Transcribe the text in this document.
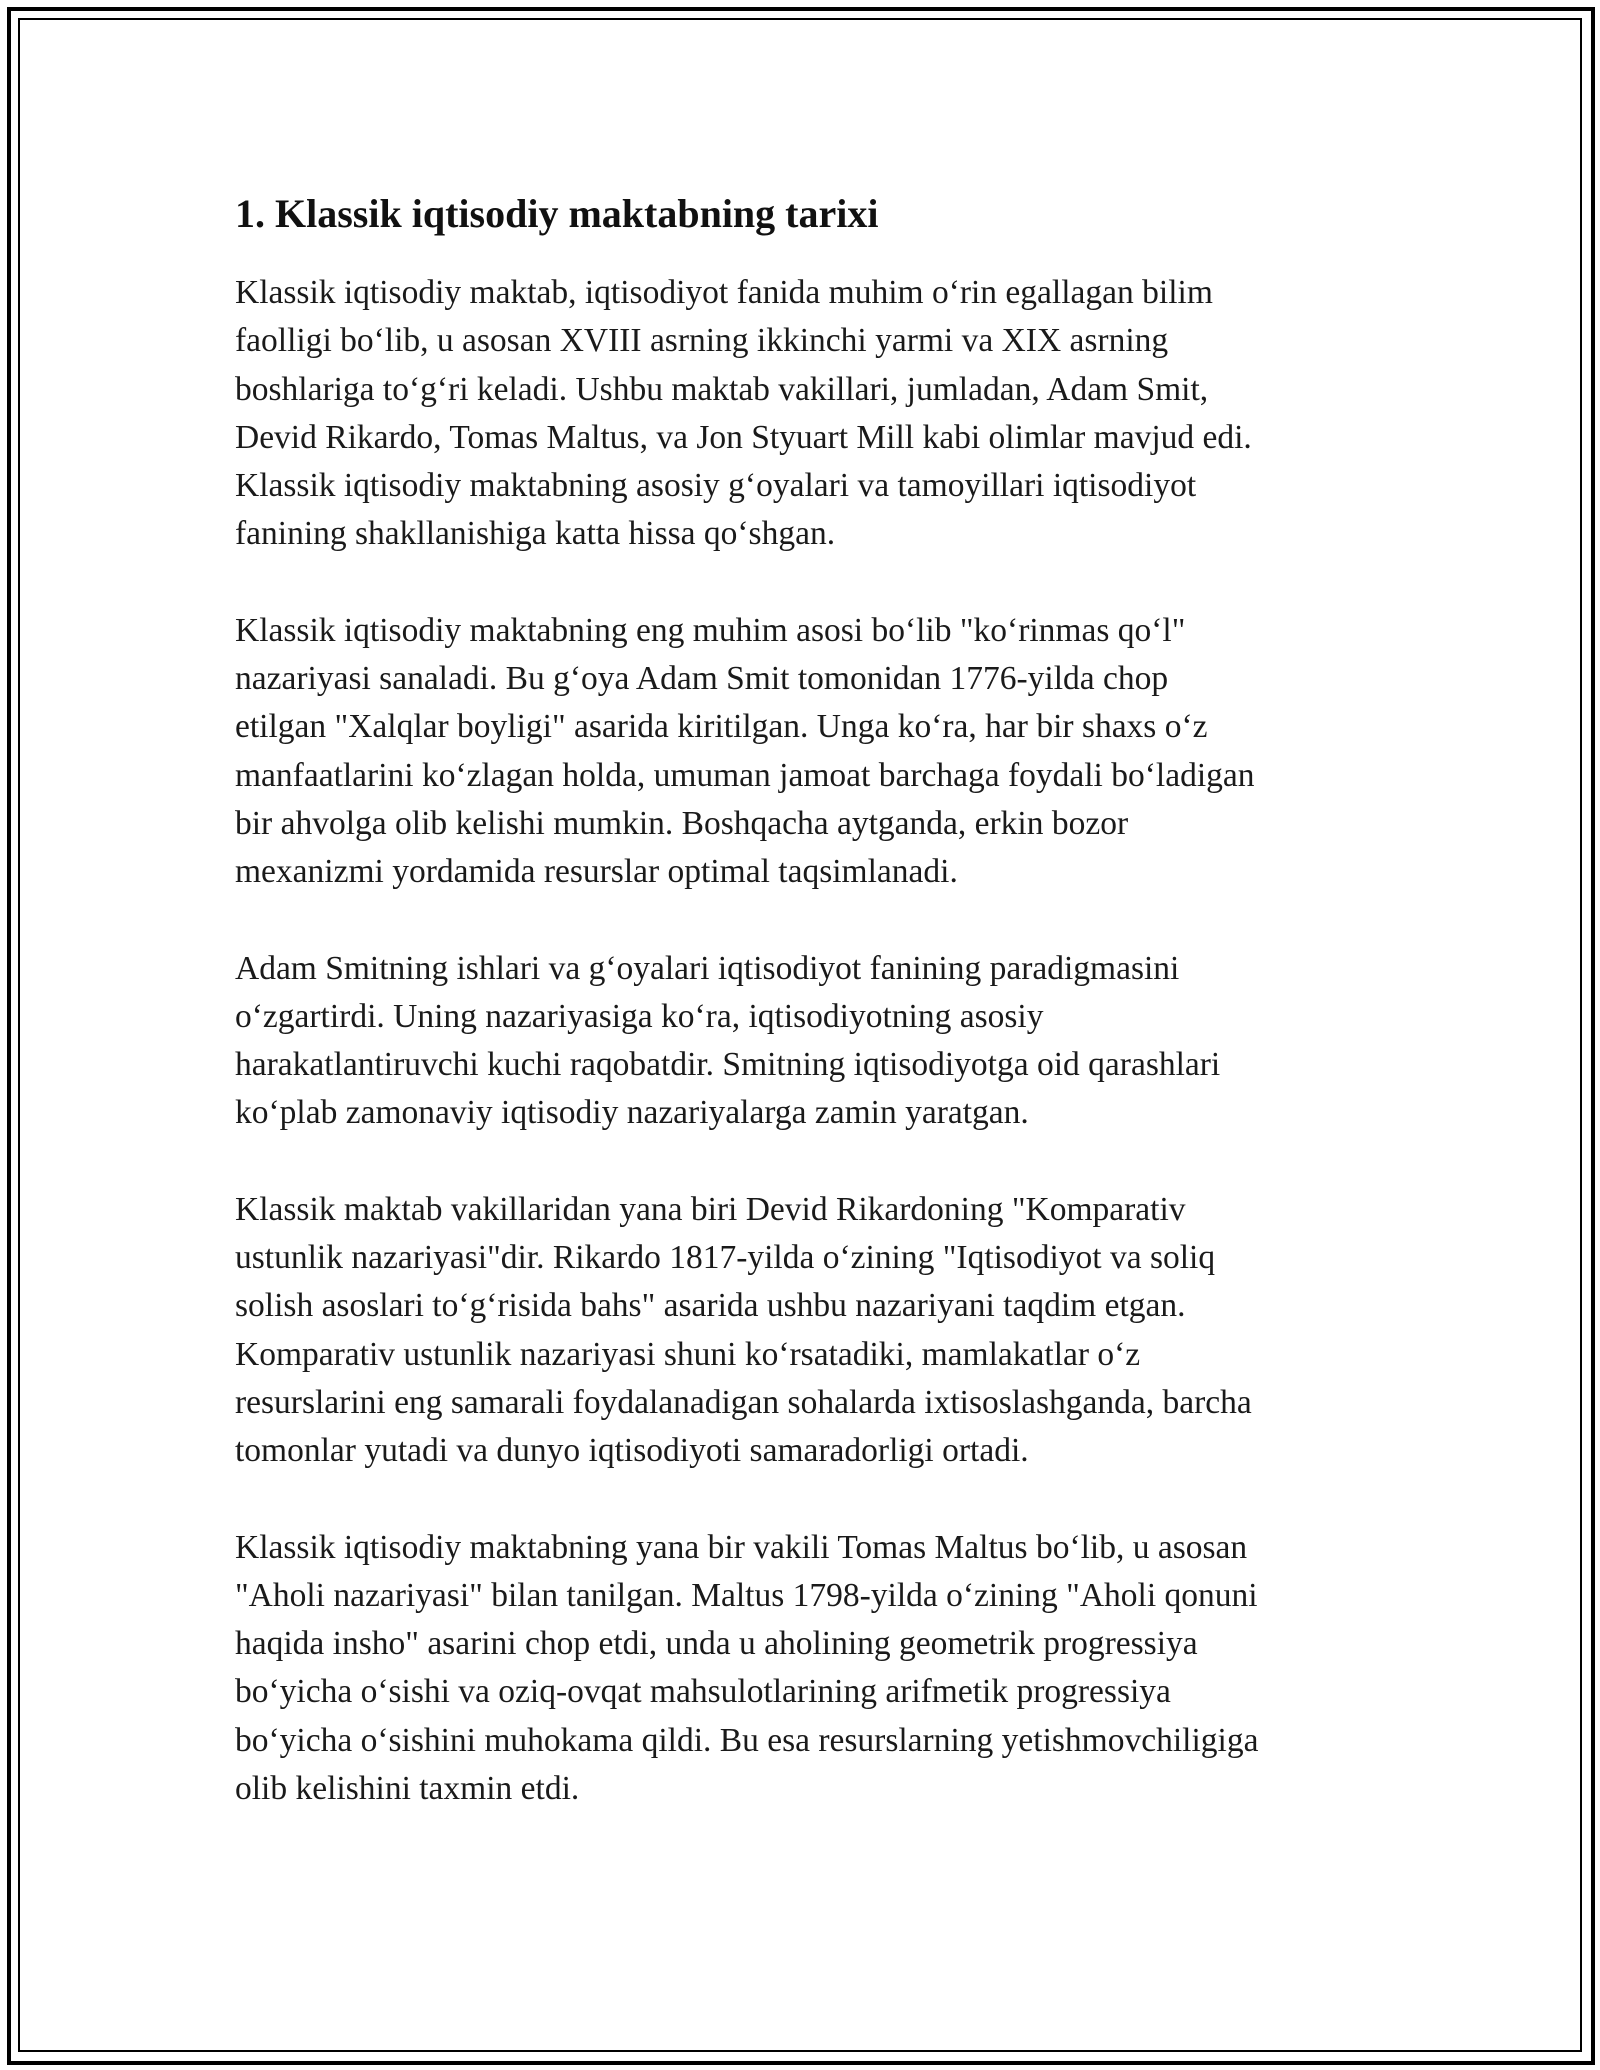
1. Klassik iqtisodiy maktabning tarixi

Klassik iqtisodiy maktab, iqtisodiyot fanida muhim o‘rin egallagan bilim
faolligi bo‘lib, u asosan XVIII asrning ikkinchi yarmi va XIX asrning
boshlariga to‘g‘ri keladi. Ushbu maktab vakillari, jumladan, Adam Smit,
Devid Rikardo, Tomas Maltus, va Jon Styuart Mill kabi olimlar mavjud edi.
Klassik iqtisodiy maktabning asosiy g‘oyalari va tamoyillari iqtisodiyot
fanining shakllanishiga katta hissa qo‘shgan.

Klassik iqtisodiy maktabning eng muhim asosi bo‘lib "ko‘rinmas qo‘l"
nazariyasi sanaladi. Bu g‘oya Adam Smit tomonidan 1776-yilda chop
etilgan "Xalqlar boyligi" asarida kiritilgan. Unga ko‘ra, har bir shaxs o‘z
manfaatlarini ko‘zlagan holda, umuman jamoat barchaga foydali bo‘ladigan
bir ahvolga olib kelishi mumkin. Boshqacha aytganda, erkin bozor
mexanizmi yordamida resurslar optimal taqsimlanadi.

Adam Smitning ishlari va g‘oyalari iqtisodiyot fanining paradigmasini
o‘zgartirdi. Uning nazariyasiga ko‘ra, iqtisodiyotning asosiy
harakatlantiruvchi kuchi raqobatdir. Smitning iqtisodiyotga oid qarashlari
ko‘plab zamonaviy iqtisodiy nazariyalarga zamin yaratgan.

Klassik maktab vakillaridan yana biri Devid Rikardoning "Komparativ
ustunlik nazariyasi"dir. Rikardo 1817-yilda o‘zining "Iqtisodiyot va soliq
solish asoslari to‘g‘risida bahs" asarida ushbu nazariyani taqdim etgan.
Komparativ ustunlik nazariyasi shuni ko‘rsatadiki, mamlakatlar o‘z
resurslarini eng samarali foydalanadigan sohalarda ixtisoslashganda, barcha
tomonlar yutadi va dunyo iqtisodiyoti samaradorligi ortadi.

Klassik iqtisodiy maktabning yana bir vakili Tomas Maltus bo‘lib, u asosan
"Aholi nazariyasi" bilan tanilgan. Maltus 1798-yilda o‘zining "Aholi qonuni
haqida insho" asarini chop etdi, unda u aholining geometrik progressiya
bo‘yicha o‘sishi va oziq-ovqat mahsulotlarining arifmetik progressiya
bo‘yicha o‘sishini muhokama qildi. Bu esa resurslarning yetishmovchiligiga
olib kelishini taxmin etdi.
